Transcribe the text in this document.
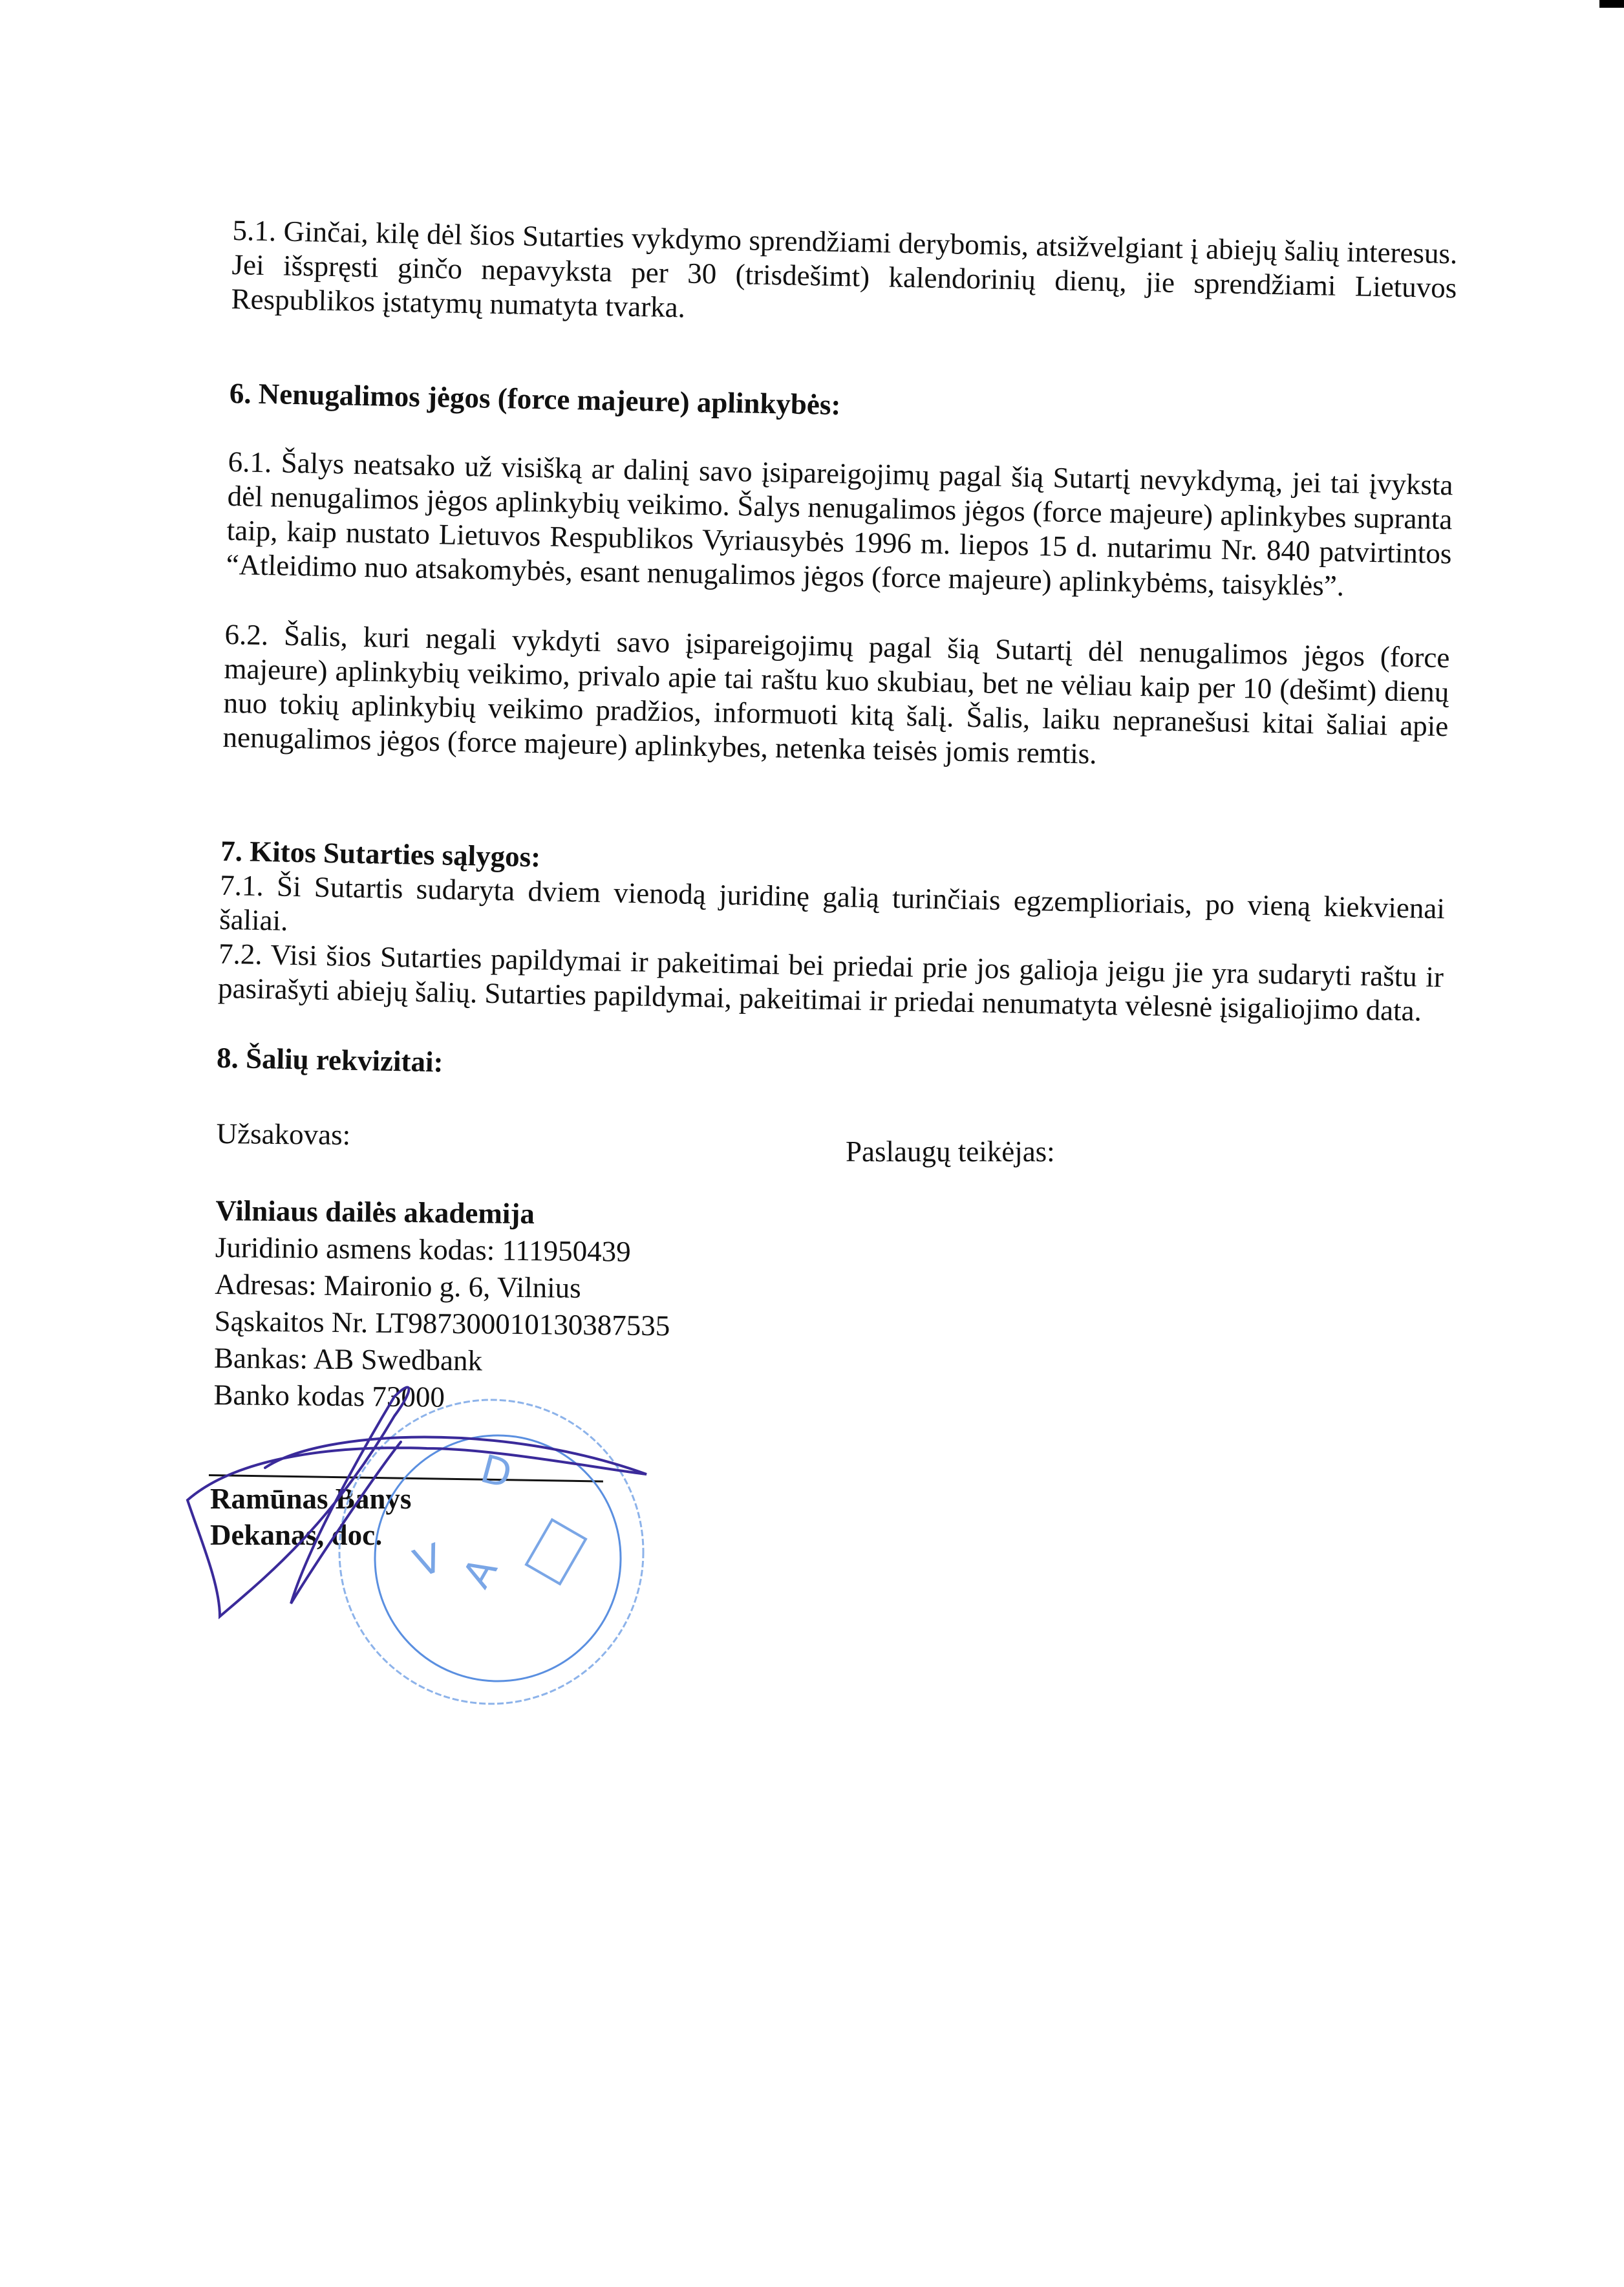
5.1. Ginčai, kilę dėl šios Sutarties vykdymo sprendžiami derybomis, atsižvelgiant į abiejų šalių interesus. Jei išspręsti ginčo nepavyksta per 30 (trisdešimt) kalendorinių dienų, jie sprendžiami Lietuvos Respublikos įstatymų numatyta tvarka.

6. Nenugalimos jėgos (force majeure) aplinkybės:

6.1. Šalys neatsako už visišką ar dalinį savo įsipareigojimų pagal šią Sutartį nevykdymą, jei tai įvyksta dėl nenugalimos jėgos aplinkybių veikimo. Šalys nenugalimos jėgos (force majeure) aplinkybes supranta taip, kaip nustato Lietuvos Respublikos Vyriausybės 1996 m. liepos 15 d. nutarimu Nr. 840 patvirtintos “Atleidimo nuo atsakomybės, esant nenugalimos jėgos (force majeure) aplinkybėms, taisyklės”.

6.2. Šalis, kuri negali vykdyti savo įsipareigojimų pagal šią Sutartį dėl nenugalimos jėgos (force majeure) aplinkybių veikimo, privalo apie tai raštu kuo skubiau, bet ne vėliau kaip per 10 (dešimt) dienų nuo tokių aplinkybių veikimo pradžios, informuoti kitą šalį. Šalis, laiku nepranešusi kitai šaliai apie nenugalimos jėgos (force majeure) aplinkybes, netenka teisės jomis remtis.

7. Kitos Sutarties sąlygos:

7.1. Ši Sutartis sudaryta dviem vienodą juridinę galią turinčiais egzemplioriais, po vieną kiekvienai šaliai.

7.2. Visi šios Sutarties papildymai ir pakeitimai bei priedai prie jos galioja jeigu jie yra sudaryti raštu ir pasirašyti abiejų šalių. Sutarties papildymai, pakeitimai ir priedai nenumatyta vėlesnė įsigaliojimo data.

8. Šalių rekvizitai:
Užsakovas:
Vilniaus dailės akademija
Juridinio asmens kodas: 111950439
Adresas: Maironio g. 6, Vilnius
Sąskaitos Nr. LT987300010130387535
Bankas: AB Swedbank
Banko kodas 73000
Paslaugų teikėjas:
Ramūnas Banys
Dekanas, doc.
V
D
A
